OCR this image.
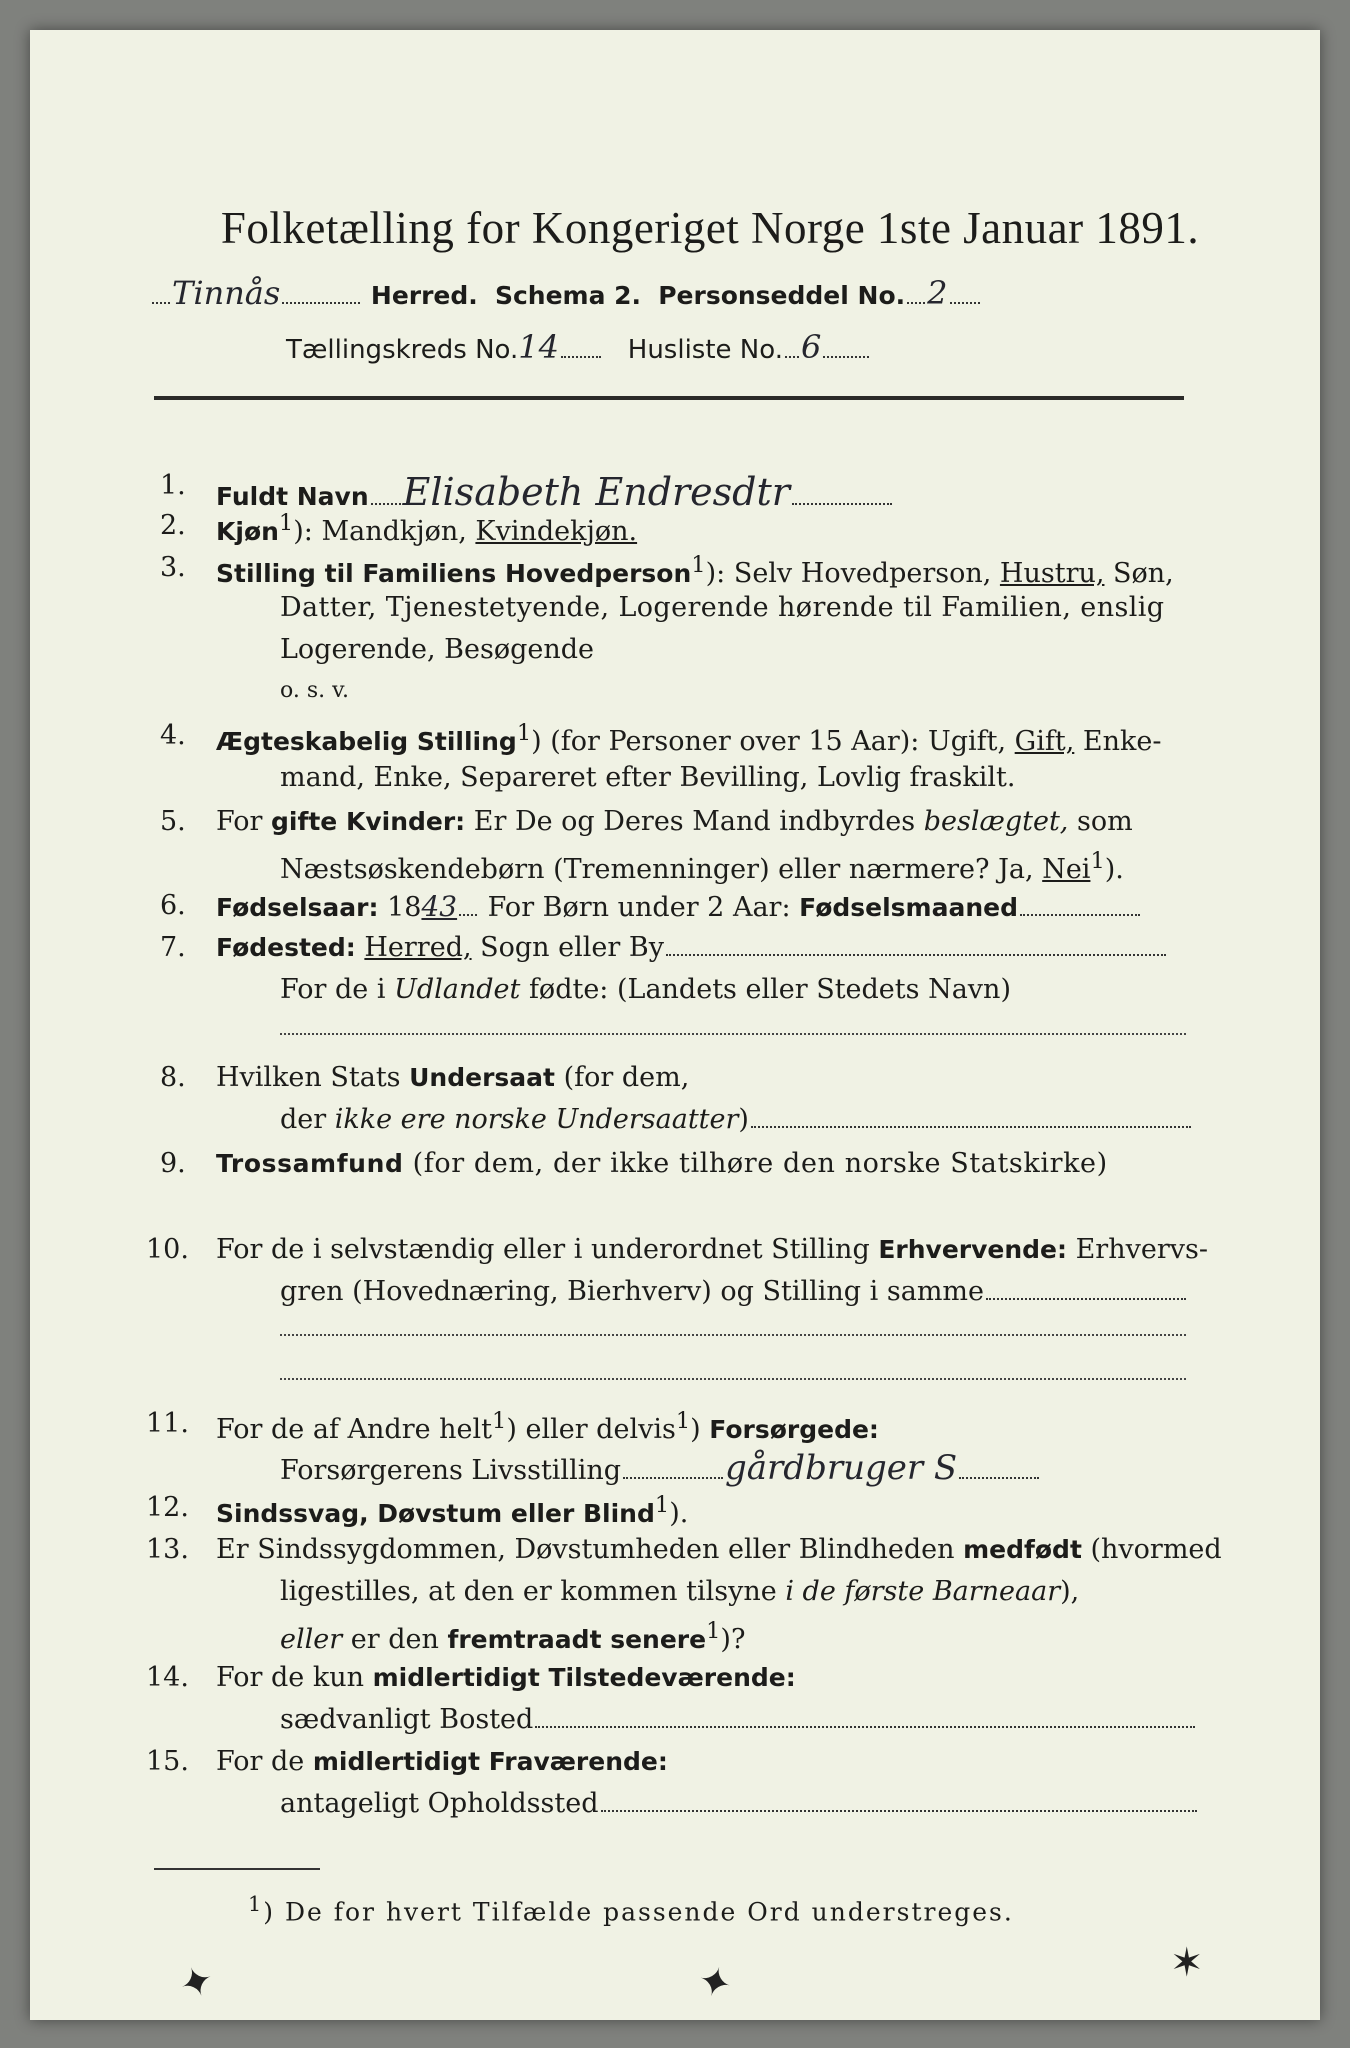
Folketælling for Kongeriget Norge 1ste Januar 1891.
Tinnås	Herred. Schema 2. Personseddel No. 2
Tællingskreds No.14	Husliste No. 6
1. Fuldt Navn Elisabeth Endresdtr
2. Kjøn$^1$): Mandkjøn, Kvindekjøn.
3. Stilling til Familiens Hovedperson$^1$): Selv Hovedperson, Hustru, Søn,
Datter, Tjenestetyende, Logerende hørende til Familien, enslig
Logerende, Besøgende
o. s. v.
4. Ægteskabelig Stilling$^1$) (for Personer over 15 Aar): Ugift, Gift, Enke-
mand, Enke, Separeret efter Bevilling, Lovlig fraskilt.
5. For gifte Kvinder: Er De og Deres Mand indbyrdes beslægtet, som
Næstsøskendebørn (Tremenninger) eller nærmere? Ja, Nei$^1$).
6. Fødselsaar: 1843 For Børn under 2 Aar: Fødselsmaaned
7. Fødested: Herred, Sogn eller By
For de i Udlandet fødte: (Landets eller Stedets Navn)
8. Hvilken Stats Undersaat (for dem,
der ikke ere norske Undersaatter)
9. Trossamfund (for dem, der ikke tilhøre den norske Statskirke)
10. For de i selvstændig eller i underordnet Stilling Erhvervende: Erhvervs-
gren (Hovednæring, Bierhverv) og Stilling i samme
11. For de af Andre helt$^1$) eller delvis$^1$) Forsørgede:
Forsørgerens Livsstilling	gårdbruger S
12. Sindssvag, Døvstum eller Blind$^1$).
13. Er Sindssygdommen, Døvstumheden eller Blindheden medfødt (hvormed
ligestilles, at den er kommen tilsyne i de første Barneaar),
eller er den fremtraadt senere$^1$)?
14. For de kun midlertidigt Tilstedeværende:
sædvanligt Bosted
15. For de midlertidigt Fraværende:
antageligt Opholdssted
$^1$) De for hvert Tilfælde passende Ord understreges.
✦	✦	✶
